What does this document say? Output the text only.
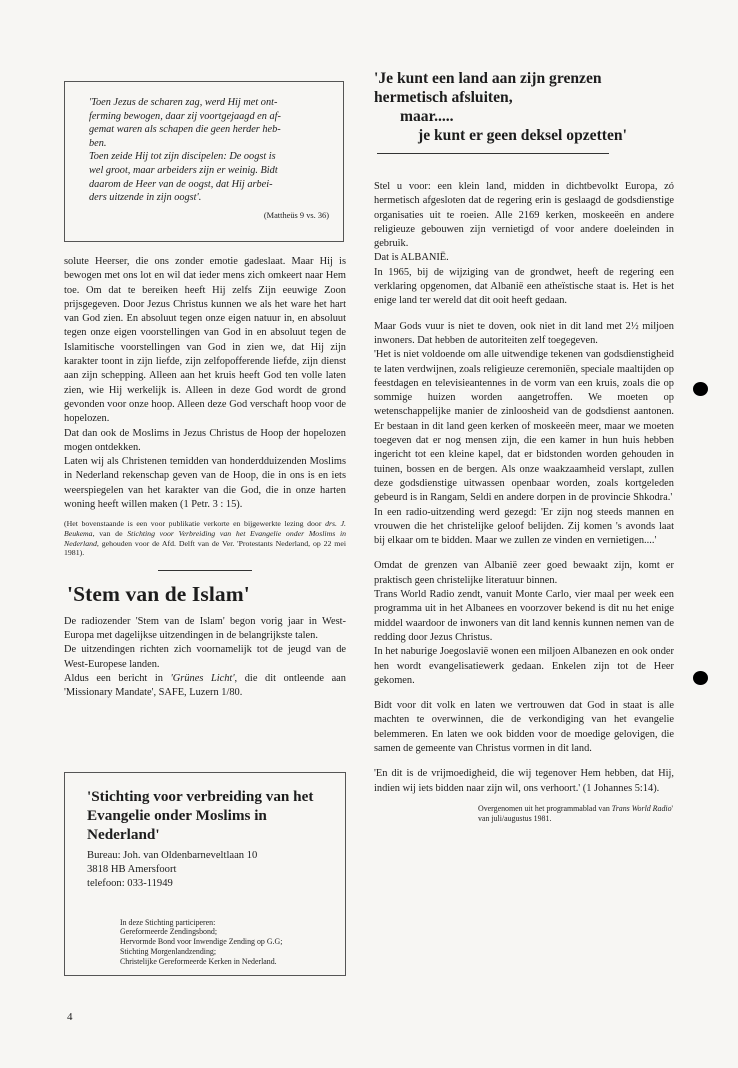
'Toen Jezus de scharen zag, werd Hij met ont-

ferming bewogen, daar zij voortgejaagd en af-

gemat waren als schapen die geen herder heb-

ben.

Toen zeide Hij tot zijn discipelen: De oogst is

wel groot, maar arbeiders zijn er weinig. Bidt

daarom de Heer van de oogst, dat Hij arbei-

ders uitzende in zijn oogst'.

(Mattheüs 9 vs. 36)

solute Heerser, die ons zonder emotie gadeslaat. Maar Hij is bewogen met ons lot en wil dat ieder mens zich omkeert naar Hem toe. Om dat te bereiken heeft Hij zelfs Zijn eeuwige Zoon prijsgegeven. Door Jezus Christus kunnen we als het ware het hart van God zien. En absoluut tegen onze eigen natuur in, en absoluut tegen onze eigen voorstellingen van God in en absoluut tegen de Islamitische voorstellingen van God in zien we, dat Hij zijn karakter toont in zijn liefde, zijn zelfopofferende liefde, zijn dienst aan zijn schepping. Alleen aan het kruis heeft God ten volle laten zien, wie Hij werkelijk is. Alleen in deze God wordt de grond gevonden voor onze hoop. Alleen deze God verschaft hoop voor de hopelozen.

Dat dan ook de Moslims in Jezus Christus de Hoop der hopelozen mogen ontdekken.

Laten wij als Christenen temidden van honderdduizenden Moslims in Nederland rekenschap geven van de Hoop, die in ons is en iets weerspiegelen van het karakter van die God, die in onze harten woning heeft willen maken (1 Petr. 3 : 15).

(Het bovenstaande is een voor publikatie verkorte en bijgewerkte lezing door drs. J. Beukema, van de Stichting voor Verbreiding van het Evangelie onder Moslims in Nederland, gehouden voor de Afd. Delft van de Ver. 'Protestants Nederland, op 22 mei 1981).

'Stem van de Islam'

De radiozender 'Stem van de Islam' begon vorig jaar in West-Europa met dagelijkse uitzendingen in de belangrijkste talen.

De uitzendingen richten zich voornamelijk tot de jeugd van de West-Europese landen.

Aldus een bericht in 'Grünes Licht', die dit ontleende aan 'Missionary Mandate', SAFE, Luzern 1/80.

'Stichting voor verbreiding van het Evangelie onder Moslims in Nederland'

Bureau: Joh. van Oldenbarneveltlaan 10

3818 HB Amersfoort

telefoon: 033-11949

In deze Stichting participeren:

Gereformeerde Zendingsbond;

Hervormde Bond voor Inwendige Zending op G.G;

Stichting Morgenlandzending;

Christelijke Gereformeerde Kerken in Nederland.

'Je kunt een land aan zijn grenzen
hermetisch afsluiten,
maar.....
je kunt er geen deksel opzetten'

Stel u voor: een klein land, midden in dichtbevolkt Europa, zó hermetisch afgesloten dat de regering erin is geslaagd de godsdienstige organisaties uit te roeien. Alle 2169 kerken, moskeeën en andere religieuze gebouwen zijn vernietigd of voor andere doeleinden in gebruik.

Dat is ALBANIË.

In 1965, bij de wijziging van de grondwet, heeft de regering een verklaring opgenomen, dat Albanië een atheïstische staat is. Het is het enige land ter wereld dat dit ooit heeft gedaan.

Maar Gods vuur is niet te doven, ook niet in dit land met 2½ miljoen inwoners. Dat hebben de autoriteiten zelf toegegeven.

'Het is niet voldoende om alle uitwendige tekenen van godsdienstigheid te laten verdwijnen, zoals religieuze ceremoniën, speciale maaltijden op feestdagen en televisieantennes in de vorm van een kruis, zoals die op sommige huizen worden aangetroffen. We moeten op wetenschappelijke manier de zinloosheid van de godsdienst aantonen. Er bestaan in dit land geen kerken of moskeeën meer, maar we moeten toegeven dat er nog mensen zijn, die een kamer in hun huis hebben ingericht tot een kleine kapel, dat er bidstonden worden gehouden in tuinen, bossen en de bergen. Als onze waakzaamheid verslapt, zullen deze godsdienstige uitwassen openbaar worden, zoals kortgeleden gebeurd is in Rangam, Seldi en andere dorpen in de provincie Shkodra.'

In een radio-uitzending werd gezegd: 'Er zijn nog steeds mannen en vrouwen die het christelijke geloof belijden. Zij komen 's avonds laat bij elkaar om te bidden. Maar we zullen ze vinden en vernietigen....'

Omdat de grenzen van Albanië zeer goed bewaakt zijn, komt er praktisch geen christelijke literatuur binnen.

Trans World Radio zendt, vanuit Monte Carlo, vier maal per week een programma uit in het Albanees en voorzover bekend is dit nu het enige middel waardoor de inwoners van dit land kennis kunnen nemen van de redding door Jezus Christus.

In het naburige Joegoslavië wonen een miljoen Albanezen en ook onder hen wordt evangelisatiewerk gedaan. Enkelen zijn tot de Heer gekomen.

Bidt voor dit volk en laten we vertrouwen dat God in staat is alle machten te overwinnen, die de verkondiging van het evangelie belemmeren. En laten we ook bidden voor de moedige gelovigen, die samen de gemeente van Christus vormen in dit land.

'En dit is de vrijmoedigheid, die wij tegenover Hem hebben, dat Hij, indien wij iets bidden naar zijn wil, ons verhoort.' (1 Johannes 5:14).

Overgenomen uit het programmablad van Trans World Radio' van juli/augustus 1981.

4
